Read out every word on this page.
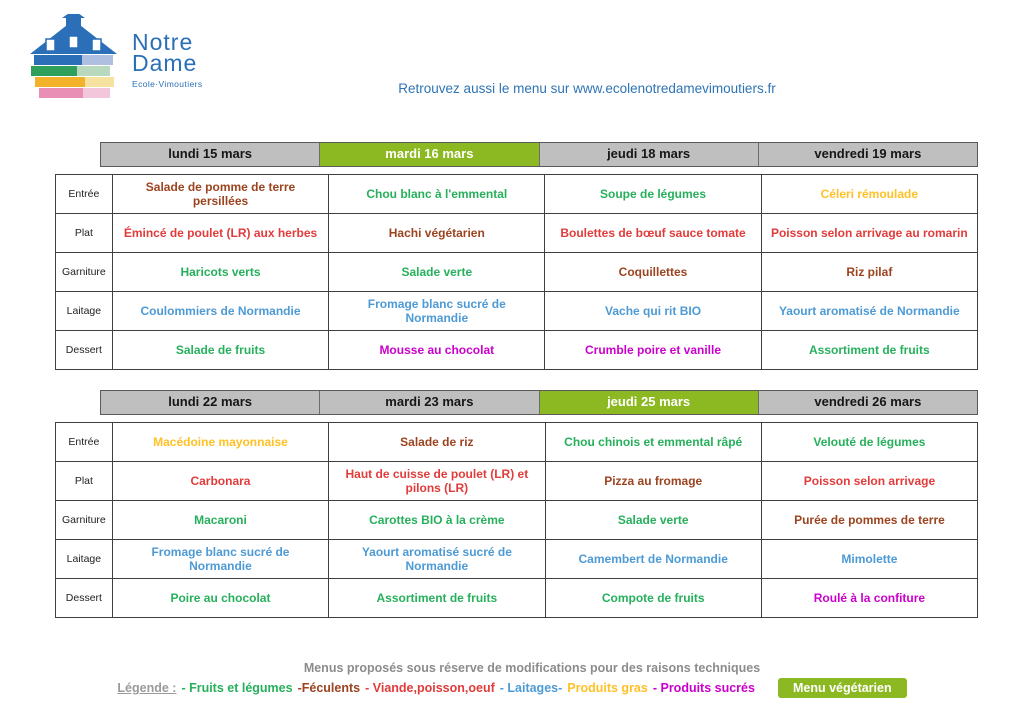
Notre
Dame
Ecole·Vimoutiers	Retrouvez aussi le menu sur www.ecolenotredamevimoutiers.fr
lundi 15 mars	mardi 16 mars	jeudi 18 mars	vendredi 19 mars
Entrée	Salade de pomme de terre persillées	Chou blanc à l'emmental	Soupe de légumes	Céleri rémoulade
Plat	Émincé de poulet (LR) aux herbes	Hachi végétarien	Boulettes de bœuf sauce tomate	Poisson selon arrivage au romarin
Garniture	Haricots verts	Salade verte	Coquillettes	Riz pilaf
Laitage	Coulommiers de Normandie	Fromage blanc sucré de Normandie	Vache qui rit BIO	Yaourt aromatisé de Normandie
Dessert	Salade de fruits	Mousse au chocolat	Crumble poire et vanille	Assortiment de fruits
lundi 22 mars	mardi 23 mars	jeudi 25 mars	vendredi 26 mars
Entrée	Macédoine mayonnaise	Salade de riz	Chou chinois et emmental râpé	Velouté de légumes
Plat	Carbonara	Haut de cuisse de poulet (LR) et pilons (LR)	Pizza au fromage	Poisson selon arrivage
Garniture	Macaroni	Carottes BIO à la crème	Salade verte	Purée de pommes de terre
Laitage	Fromage blanc sucré de Normandie	Yaourt aromatisé sucré de Normandie	Camembert de Normandie	Mimolette
Dessert	Poire au chocolat	Assortiment de fruits	Compote de fruits	Roulé à la confiture
Menus proposés sous réserve de modifications pour des raisons techniques
Légende : - Fruits et légumes -Féculents - Viande,poisson,oeuf - Laitages- Produits gras - Produits sucrés	Menu végétarien
